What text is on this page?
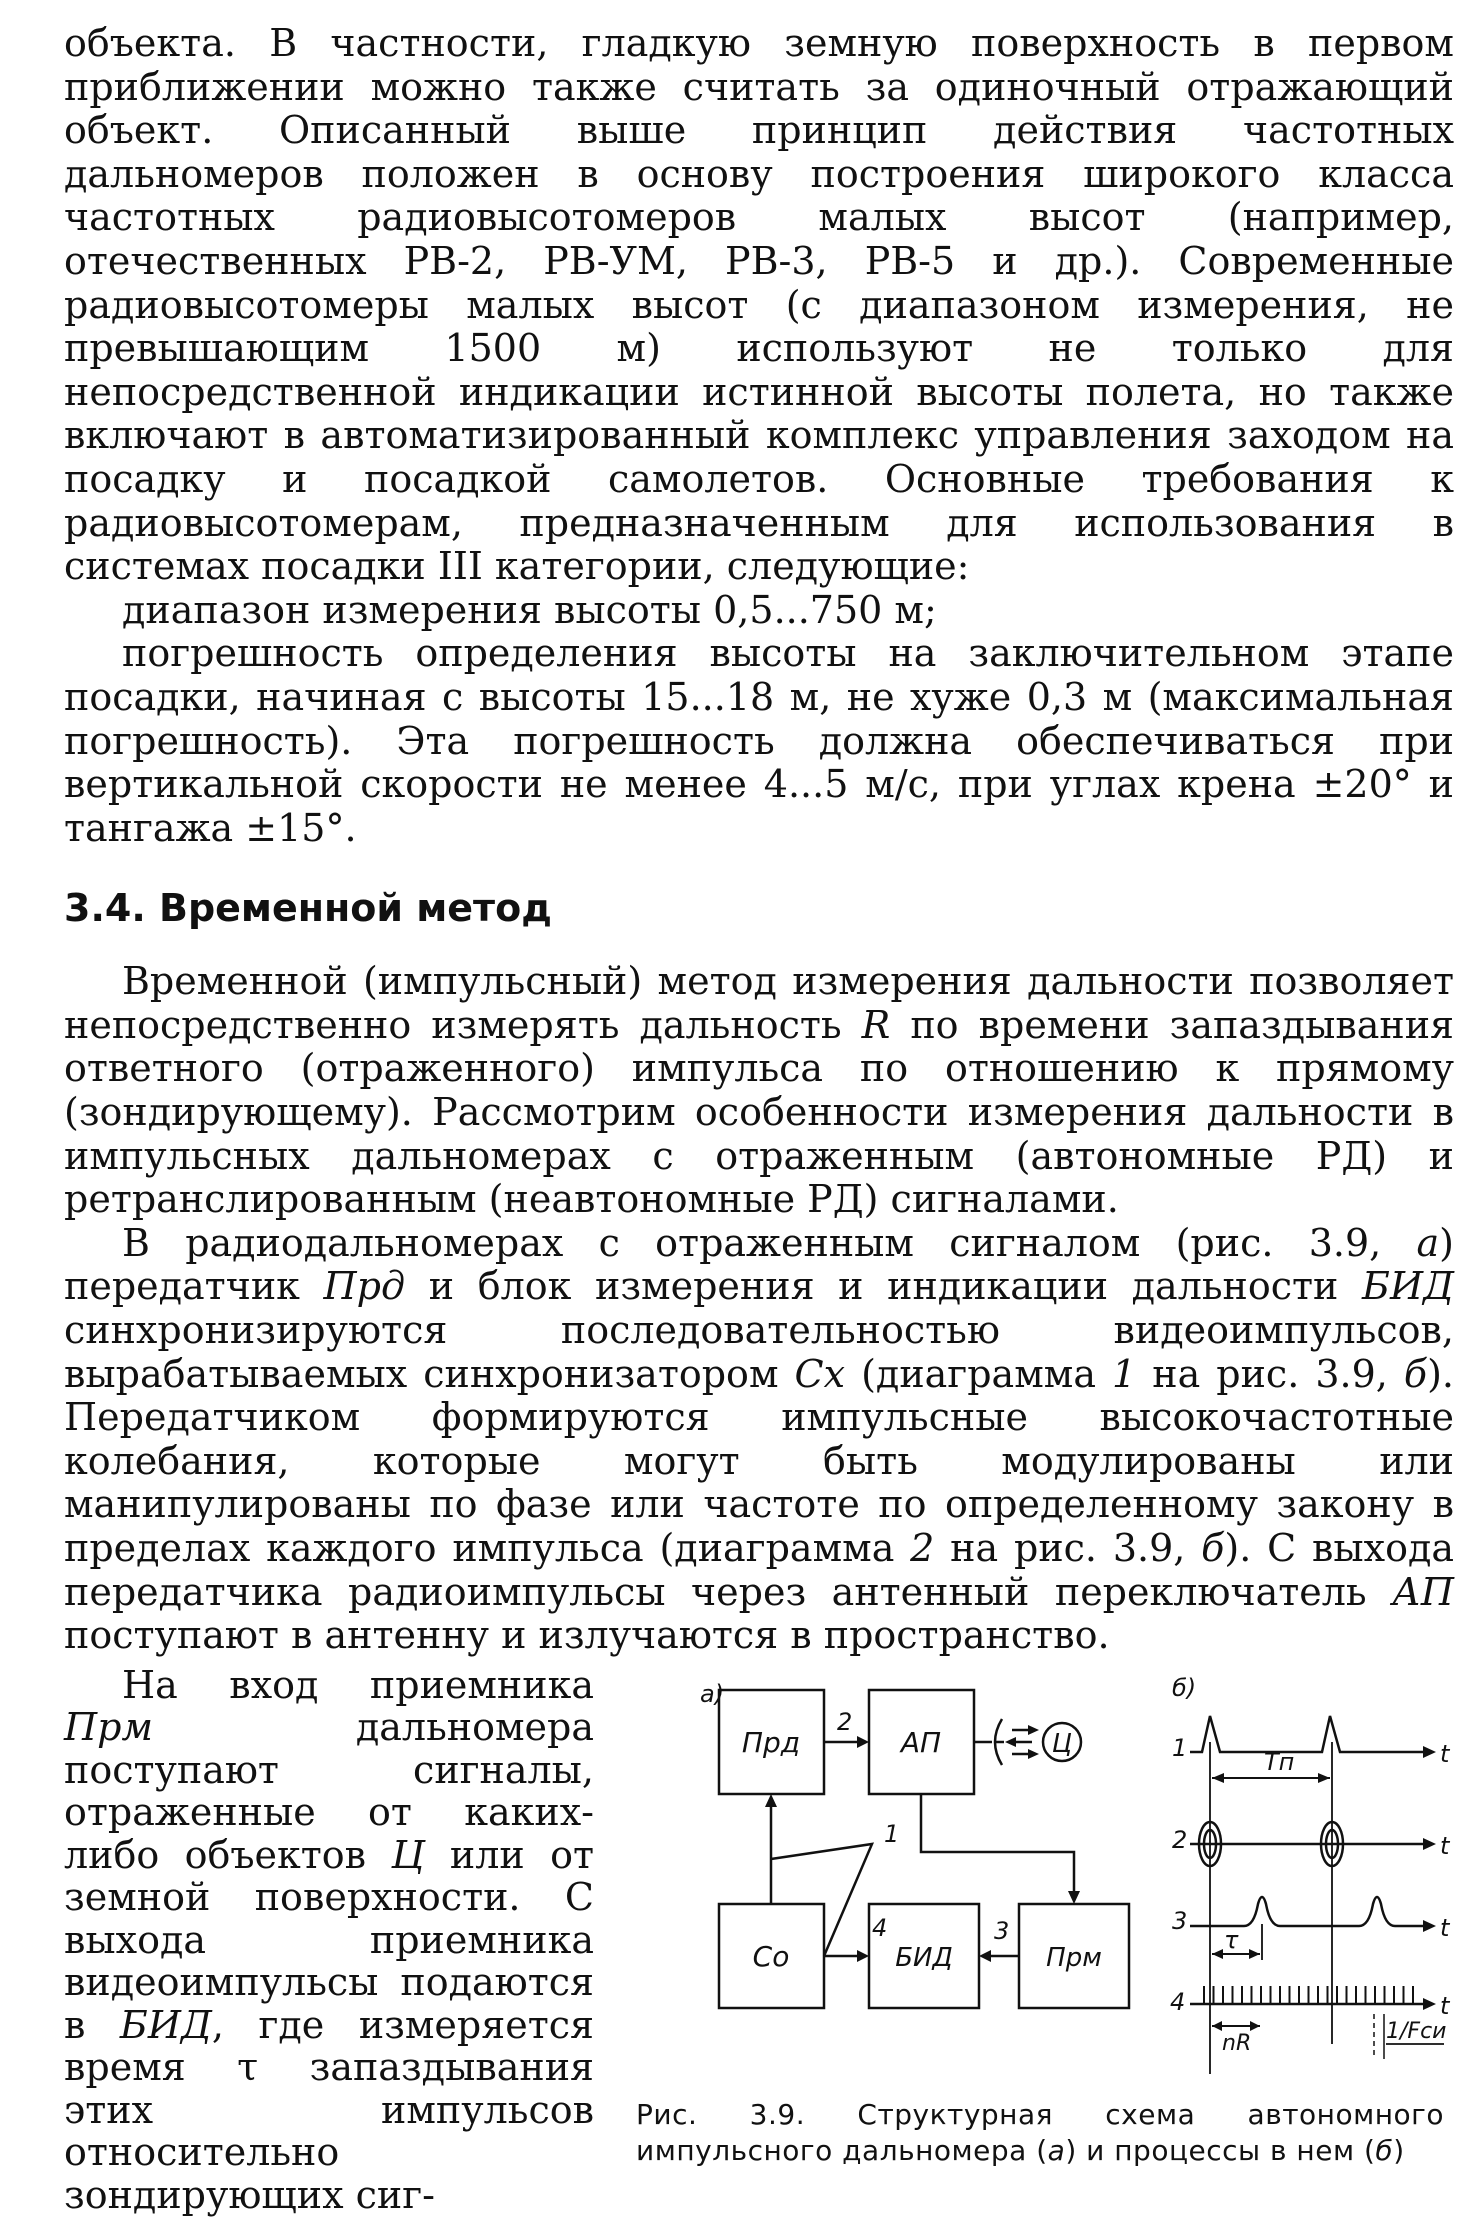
объекта. В частности, гладкую земную поверхность в первом приближении можно также считать за одиночный отражающий объект. Описанный выше принцип действия частотных дальномеров положен в основу построения широкого класса частотных радиовысотомеров малых высот (например, отечественных РВ-2, РВ-УМ, РВ-3, РВ-5 и др.). Современные радиовысотомеры малых высот (с диапазоном измерения, не превышающим 1500 м) используют не только для непосредственной индикации истинной высоты полета, но также включают в автоматизированный комплекс управления заходом на посадку и посадкой самолетов. Основные требования к радиовысотомерам, предназначенным для использования в системах посадки III категории, следующие:

диапазон измерения высоты 0,5...750 м;

погрешность определения высоты на заключительном этапе посадки, начиная с высоты 15...18 м, не хуже 0,3 м (максимальная погрешность). Эта погрешность должна обеспечиваться при вертикальной скорости не менее 4...5 м/с, при углах крена ±20° и тангажа ±15°.

3.4. Временной метод

Временной (импульсный) метод измерения дальности позволяет непосредственно измерять дальность R по времени запаздывания ответного (отраженного) импульса по отношению к прямому (зондирующему). Рассмотрим особенности измерения дальности в импульсных дальномерах с отраженным (автономные РД) и ретранслированным (неавтономные РД) сигналами.

В радиодальномерах с отраженным сигналом (рис. 3.9, а) передатчик Прд и блок измерения и индикации дальности БИД синхронизируются последовательностью видеоимпульсов, вырабатываемых синхронизатором Сх (диаграмма 1 на рис. 3.9, б). Передатчиком формируются импульсные высокочастотные колебания, которые могут быть модулированы или манипулированы по фазе или частоте по определенному закону в пределах каждого импульса (диаграмма 2 на рис. 3.9, б). С выхода передатчика радиоимпульсы через антенный переключатель АП поступают в антенну и излучаются в пространство.

На вход приемника Прм дальномера поступают сигналы, отраженные от каких-либо объектов Ц или от земной поверхности. С выхода приемника видеоимпульсы подаются в БИД, где измеряется время τ запаздывания этих импульсов относительно зондирующих сиг-

а)
Прд	АП
Со	БИД	Прм
2
1
4	3
Ц
б)
1	t
Tп
2	t
3	t
τ
4	t
nR	1/Fси
Рис. 3.9. Структурная схема автономного импульсного дальномера (а) и процессы в нем (б)
